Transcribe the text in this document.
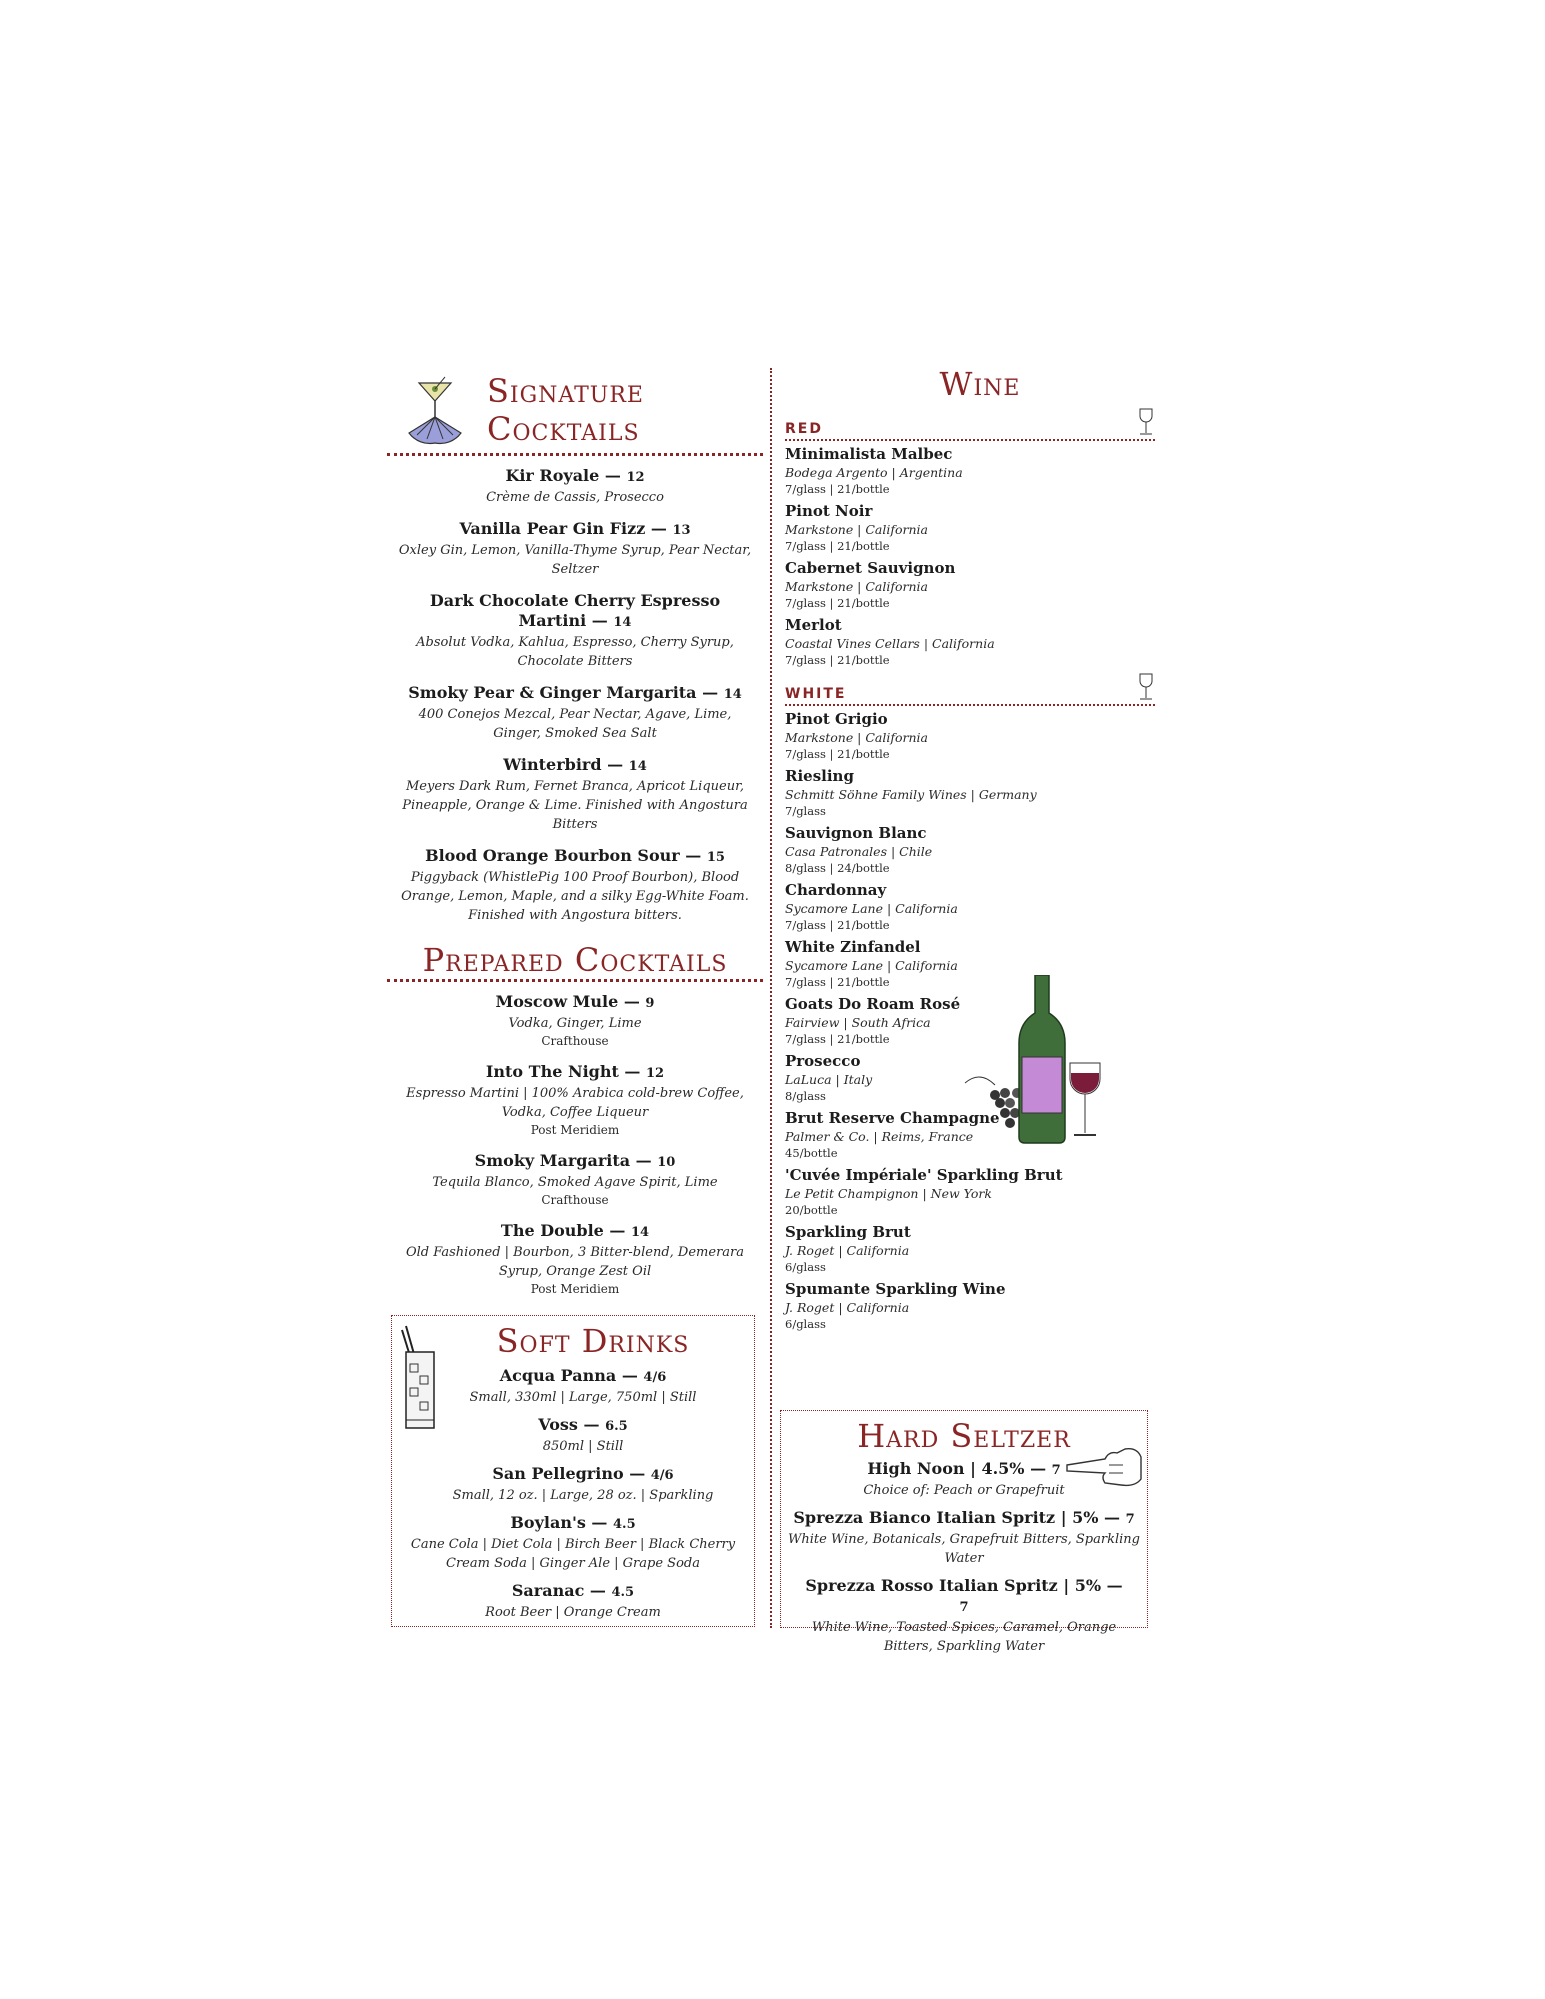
Signature
Cocktails
Kir Royale — 12
Crème de Cassis, Prosecco
Vanilla Pear Gin Fizz — 13
Oxley Gin, Lemon, Vanilla-Thyme Syrup, Pear Nectar, Seltzer
Dark Chocolate Cherry Espresso Martini — 14
Absolut Vodka, Kahlua, Espresso, Cherry Syrup, Chocolate Bitters
Smoky Pear & Ginger Margarita — 14
400 Conejos Mezcal, Pear Nectar, Agave, Lime, Ginger, Smoked Sea Salt
Winterbird — 14
Meyers Dark Rum, Fernet Branca, Apricot Liqueur, Pineapple, Orange & Lime. Finished with Angostura Bitters
Blood Orange Bourbon Sour — 15
Piggyback (WhistlePig 100 Proof Bourbon), Blood Orange, Lemon, Maple, and a silky Egg-White Foam. Finished with Angostura bitters.
Prepared Cocktails
Moscow Mule — 9
Vodka, Ginger, Lime
Crafthouse
Into The Night — 12
Espresso Martini | 100% Arabica cold-brew Coffee, Vodka, Coffee Liqueur
Post Meridiem
Smoky Margarita — 10
Tequila Blanco, Smoked Agave Spirit, Lime
Crafthouse
The Double — 14
Old Fashioned | Bourbon, 3 Bitter-blend, Demerara Syrup, Orange Zest Oil
Post Meridiem
Soft Drinks
Acqua Panna — 4/6
Small, 330ml | Large, 750ml | Still
Voss — 6.5
850ml | Still
San Pellegrino — 4/6
Small, 12 oz. | Large, 28 oz. | Sparkling
Boylan's — 4.5
Cane Cola | Diet Cola | Birch Beer | Black Cherry Cream Soda | Ginger Ale | Grape Soda
Saranac — 4.5
Root Beer | Orange Cream
Wine
RED
Minimalista Malbec
Bodega Argento | Argentina
7/glass | 21/bottle
Pinot Noir
Markstone | California
7/glass | 21/bottle
Cabernet Sauvignon
Markstone | California
7/glass | 21/bottle
Merlot
Coastal Vines Cellars | California
7/glass | 21/bottle
WHITE
Pinot Grigio
Markstone | California
7/glass | 21/bottle
Riesling
Schmitt Söhne Family Wines | Germany
7/glass
Sauvignon Blanc
Casa Patronales | Chile
8/glass | 24/bottle
Chardonnay
Sycamore Lane | California
7/glass | 21/bottle
White Zinfandel
Sycamore Lane | California
7/glass | 21/bottle
Goats Do Roam Rosé
Fairview | South Africa
7/glass | 21/bottle
Prosecco
LaLuca | Italy
8/glass
Brut Reserve Champagne
Palmer & Co. | Reims, France
45/bottle
'Cuvée Impériale' Sparkling Brut
Le Petit Champignon | New York
20/bottle
Sparkling Brut
J. Roget | California
6/glass
Spumante Sparkling Wine
J. Roget | California
6/glass
Hard Seltzer
High Noon | 4.5% — 7
Choice of: Peach or Grapefruit
Sprezza Bianco Italian Spritz | 5% — 7
White Wine, Botanicals, Grapefruit Bitters, Sparkling Water
Sprezza Rosso Italian Spritz | 5% — 7
White Wine, Toasted Spices, Caramel, Orange Bitters, Sparkling Water
